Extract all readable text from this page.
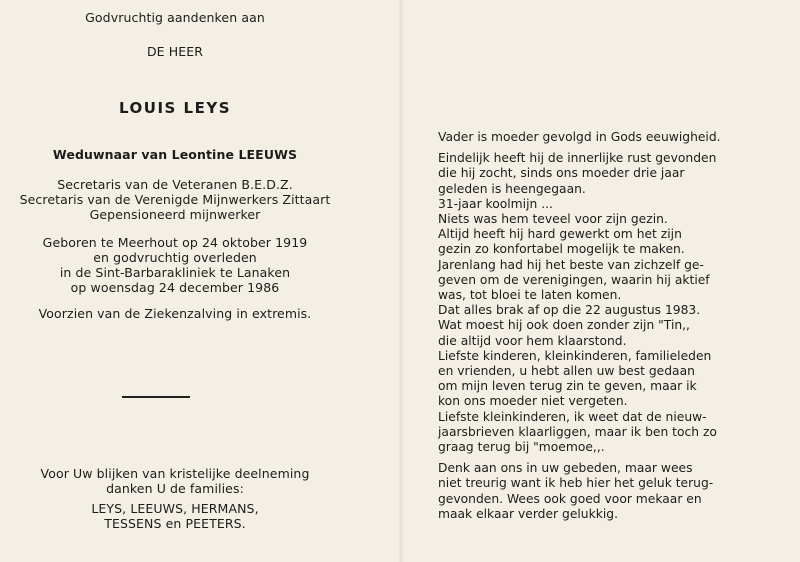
Godvruchtig aandenken aan
DE HEER
LOUIS LEYS
Weduwnaar van Leontine LEEUWS
Secretaris van de Veteranen B.E.D.Z.
Secretaris van de Verenigde Mijnwerkers Zittaart
Gepensioneerd mijnwerker
Geboren te Meerhout op 24 oktober 1919
en godvruchtig overleden
in de Sint-Barbarakliniek te Lanaken
op woensdag 24 december 1986
Voorzien van de Ziekenzalving in extremis.
Voor Uw blijken van kristelijke deelneming
danken U de families:
LEYS, LEEUWS, HERMANS,
TESSENS en PEETERS.
Vader is moeder gevolgd in Gods eeuwigheid.
Eindelijk heeft hij de innerlijke rust gevonden
die hij zocht, sinds ons moeder drie jaar
geleden is heengegaan.
31-jaar koolmijn ...
Niets was hem teveel voor zijn gezin.
Altijd heeft hij hard gewerkt om het zijn
gezin zo konfortabel mogelijk te maken.
Jarenlang had hij het beste van zichzelf ge-
geven om de verenigingen, waarin hij aktief
was, tot bloei te laten komen.
Dat alles brak af op die 22 augustus 1983.
Wat moest hij ook doen zonder zijn "Tin,,
die altijd voor hem klaarstond.
Liefste kinderen, kleinkinderen, familieleden
en vrienden, u hebt allen uw best gedaan
om mijn leven terug zin te geven, maar ik
kon ons moeder niet vergeten.
Liefste kleinkinderen, ik weet dat de nieuw-
jaarsbrieven klaarliggen, maar ik ben toch zo
graag terug bij "moemoe,,.
Denk aan ons in uw gebeden, maar wees
niet treurig want ik heb hier het geluk terug-
gevonden. Wees ook goed voor mekaar en
maak elkaar verder gelukkig.
